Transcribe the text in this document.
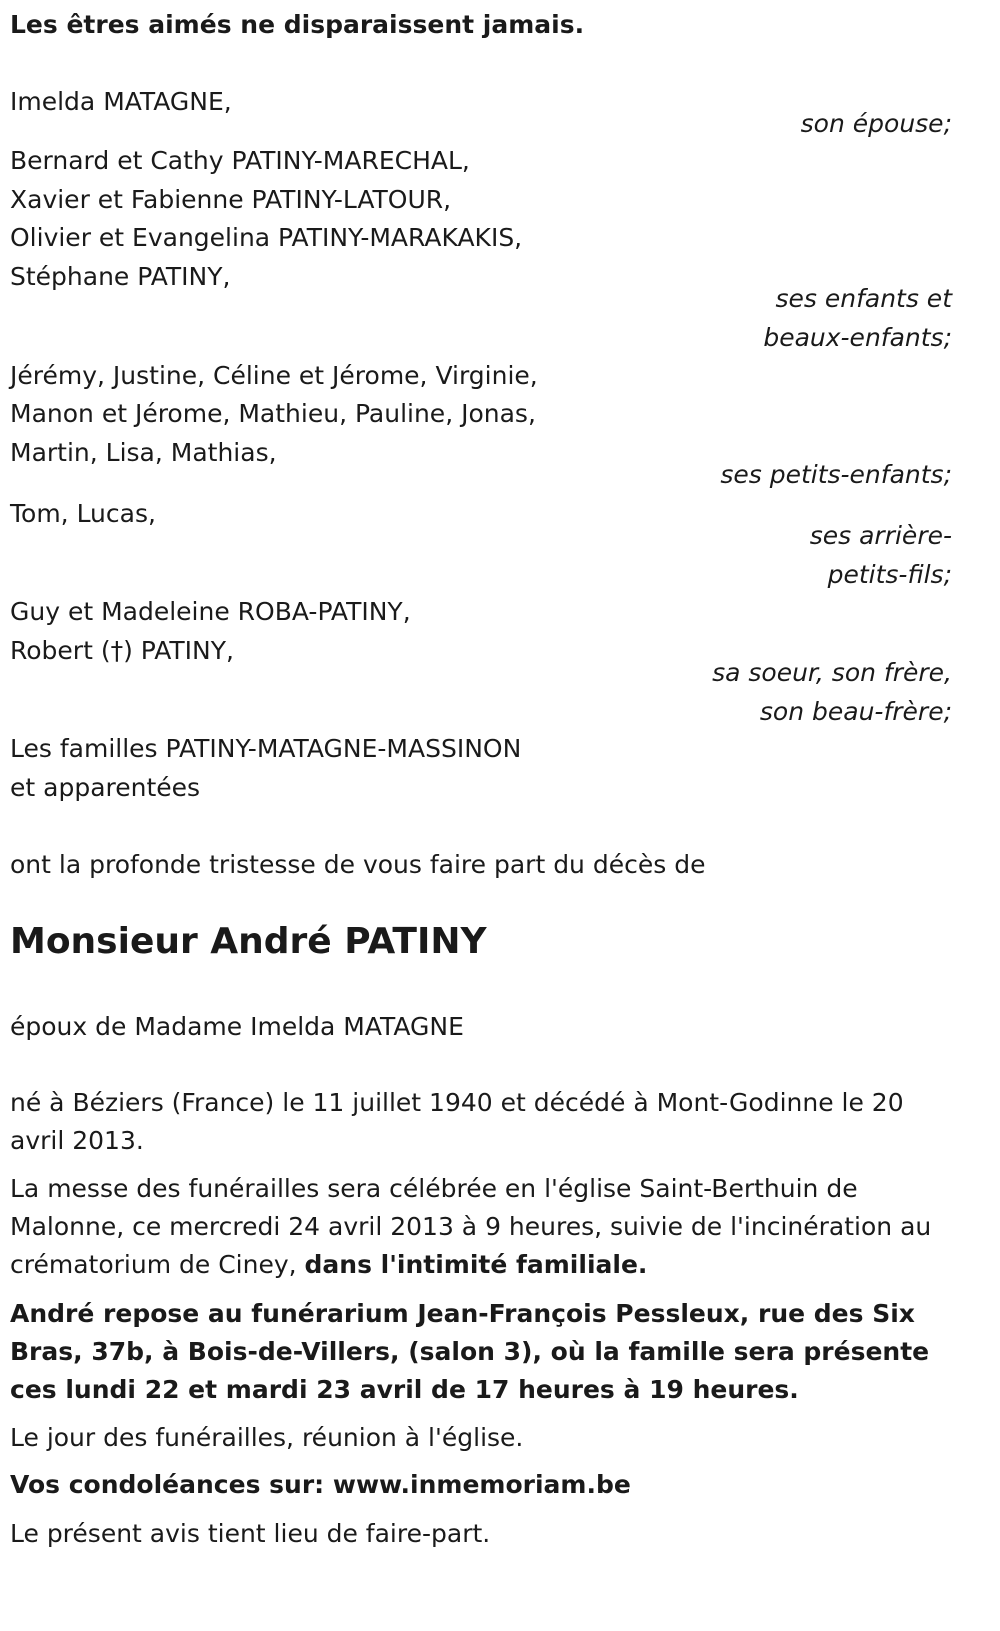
Les êtres aimés ne disparaissent jamais.
Imelda MATAGNE,
son épouse;
Bernard et Cathy PATINY-MARECHAL,
Xavier et Fabienne PATINY-LATOUR,
Olivier et Evangelina PATINY-MARAKAKIS,
Stéphane PATINY,
ses enfants et
beaux-enfants;
Jérémy, Justine, Céline et Jérome, Virginie,
Manon et Jérome, Mathieu, Pauline, Jonas,
Martin, Lisa, Mathias,
ses petits-enfants;
Tom, Lucas,
ses arrière-
petits-fils;
Guy et Madeleine ROBA-PATINY,
Robert (†) PATINY,
sa soeur, son frère,
son beau-frère;
Les familles PATINY-MATAGNE-MASSINON
et apparentées
ont la profonde tristesse de vous faire part du décès de
Monsieur André PATINY
époux de Madame Imelda MATAGNE
né à Béziers (France) le 11 juillet 1940 et décédé à Mont-Godinne le 20 avril 2013.
La messe des funérailles sera célébrée en l'église Saint-Berthuin de Malonne, ce mercredi 24 avril 2013 à 9 heures, suivie de l'incinération au crématorium de Ciney, dans l'intimité familiale.
André repose au funérarium Jean-François Pessleux, rue des Six Bras, 37b, à Bois-de-Villers, (salon 3), où la famille sera présente ces lundi 22 et mardi 23 avril de 17 heures à 19 heures.
Le jour des funérailles, réunion à l'église.
Vos condoléances sur: www.inmemoriam.be
Le présent avis tient lieu de faire-part.
